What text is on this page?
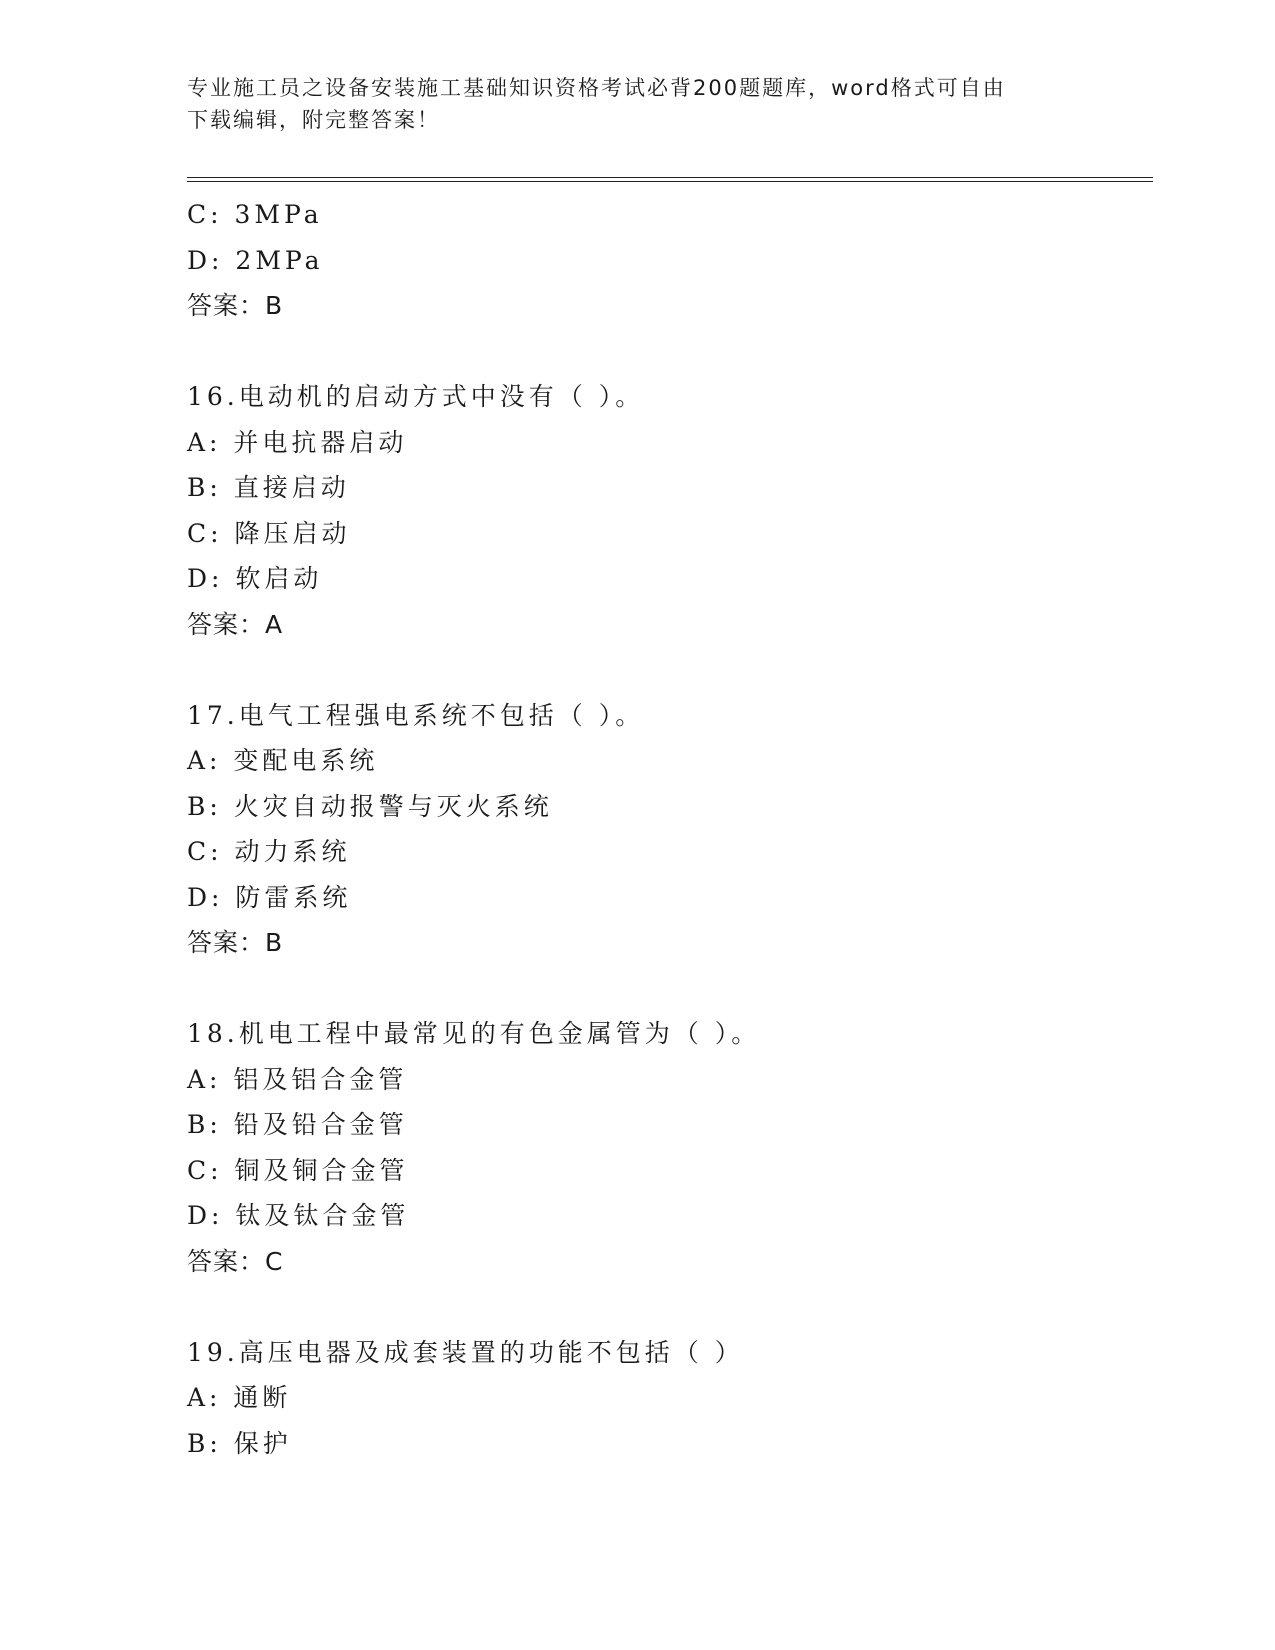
专业施工员之设备安装施工基础知识资格考试必背200题题库，word格式可自由
下载编辑，附完整答案！
C: 3MPa
D: 2MPa
答案：B
16.电动机的启动方式中没有（ ）。
A: 并电抗器启动
B: 直接启动
C: 降压启动
D: 软启动
答案：A
17.电气工程强电系统不包括（ ）。
A: 变配电系统
B: 火灾自动报警与灭火系统
C: 动力系统
D: 防雷系统
答案：B
18.机电工程中最常见的有色金属管为（ ）。
A: 铝及铝合金管
B: 铅及铅合金管
C: 铜及铜合金管
D: 钛及钛合金管
答案：C
19.高压电器及成套装置的功能不包括（ ）
A: 通断
B: 保护
